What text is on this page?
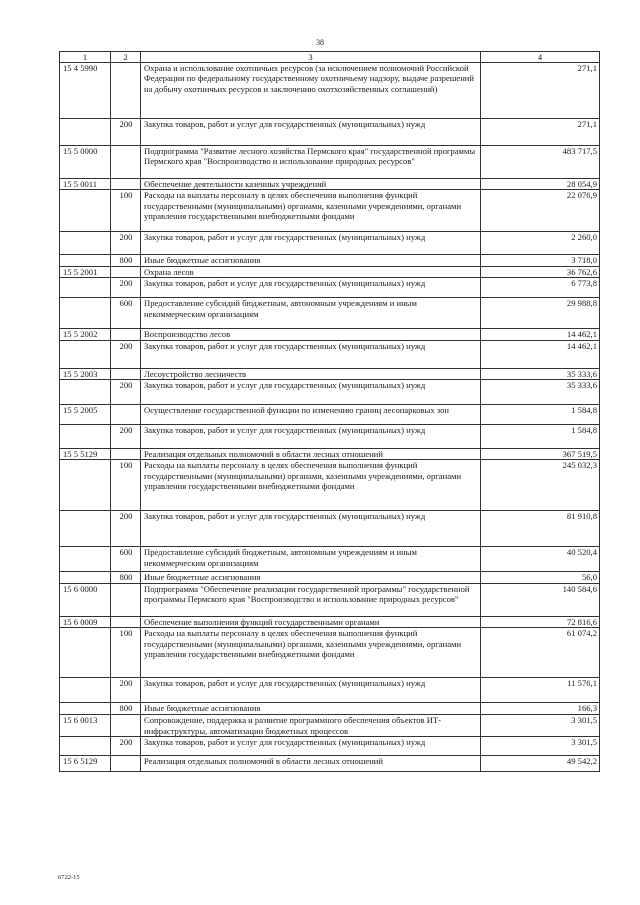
38
1	2	3	4
15 4 5990		Охрана и использование охотничьих ресурсов (за исключением полномочий Российской Федерации по федеральному государственному охотничьему надзору, выдаче разрешений на добычу охотничьих ресурсов и заключению охотхозяйственных соглашений)	271,1
	200	Закупка товаров, работ и услуг для государственных (муниципальных) нужд	271,1
15 5 0000		Подпрограмма "Развитие лесного хозяйства Пермского края" государственной программы Пермского края "Воспроизводство и использование природных ресурсов"	483 717,5
15 5 0011		Обеспечение деятельности казенных учреждений	28 054,9
	100	Расходы на выплаты персоналу в целях обеспечения выполнения функций государственными (муниципальными) органами, казенными учреждениями, органами управления государственными внебюджетными фондами	22 076,9
	200	Закупка товаров, работ и услуг для государственных (муниципальных) нужд	2 260,0
	800	Иные бюджетные ассигнования	3 718,0
15 5 2001		Охрана лесов	36 762,6
	200	Закупка товаров, работ и услуг для государственных (муниципальных) нужд	6 773,8
	600	Предоставление субсидий бюджетным, автономным учреждениям и иным некоммерческим организациям	29 988,8
15 5 2002		Воспроизводство лесов	14 462,1
	200	Закупка товаров, работ и услуг для государственных (муниципальных) нужд	14 462,1
15 5 2003		Лесоустройство лесничеств	35 333,6
	200	Закупка товаров, работ и услуг для государственных (муниципальных) нужд	35 333,6
15 5 2005		Осуществление государственной функции по изменению границ лесопарковых зон	1 584,8
	200	Закупка товаров, работ и услуг для государственных (муниципальных) нужд	1 584,8
15 5 5129		Реализация отдельных полномочий в области лесных отношений	367 519,5
	100	Расходы на выплаты персоналу в целях обеспечения выполнения функций государственными (муниципальными) органами, казенными учреждениями, органами управления государственными внебюджетными фондами	245 032,3
	200	Закупка товаров, работ и услуг для государственных (муниципальных) нужд	81 910,8
	600	Предоставление субсидий бюджетным, автономным учреждениям и иным некоммерческим организациям	40 520,4
	800	Иные бюджетные ассигнования	56,0
15 6 0000		Подпрограмма "Обеспечение реализации государственной программы" государственной программы Пермского края "Воспроизводство и использование природных ресурсов"	140 584,6
15 6 0009		Обеспечение выполнения функций государственными органами	72 816,6
	100	Расходы на выплаты персоналу в целях обеспечения выполнения функций государственными (муниципальными) органами, казенными учреждениями, органами управления государственными внебюджетными фондами	61 074,2
	200	Закупка товаров, работ и услуг для государственных (муниципальных) нужд	11 576,1
	800	Иные бюджетные ассигнования	166,3
15 6 0013		Сопровождение, поддержка и развитие программного обеспечения объектов ИТ-инфраструктуры, автоматизации бюджетных процессов	3 301,5
	200	Закупка товаров, работ и услуг для государственных (муниципальных) нужд	3 301,5
15 6 5129		Реализация отдельных полномочий в области лесных отношений	49 542,2
6722-15
